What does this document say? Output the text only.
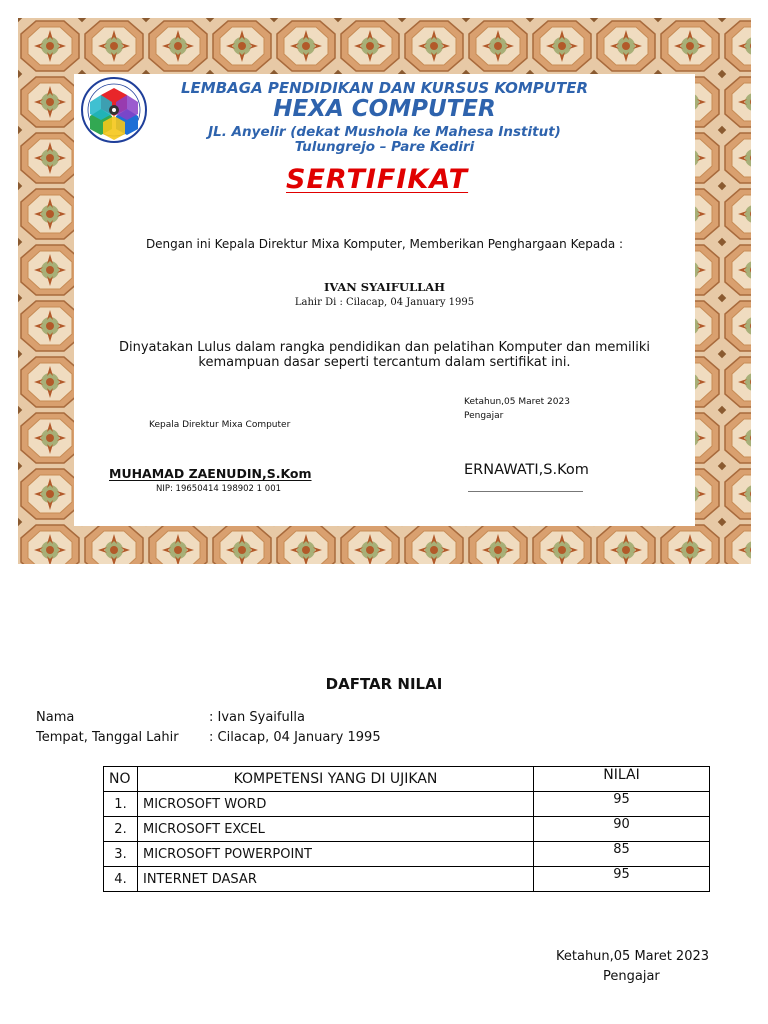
LEMBAGA PENDIDIKAN DAN KURSUS KOMPUTER
HEXA COMPUTER
JL. Anyelir (dekat Mushola ke Mahesa Institut)
Tulungrejo – Pare Kediri
SERTIFIKAT
Dengan ini Kepala Direktur Mixa Komputer, Memberikan Penghargaan Kepada :
IVAN SYAIFULLAH
Lahir Di : Cilacap, 04 January 1995
Dinyatakan Lulus dalam rangka pendidikan dan pelatihan Komputer dan memiliki
kemampuan dasar seperti tercantum dalam sertifikat ini.
Ketahun,05 Maret 2023
Pengajar
Kepala Direktur Mixa Computer
MUHAMAD ZAENUDIN,S.Kom
NIP: 19650414 198902 1 001
ERNAWATI,S.Kom
DAFTAR NILAI
Nama	: Ivan Syaifulla
Tempat, Tanggal Lahir : Cilacap, 04 January 1995
NO	KOMPETENSI YANG DI UJIKAN	NILAI
1.	MICROSOFT WORD	95
2.	MICROSOFT EXCEL	90
3.	MICROSOFT POWERPOINT	85
4.	INTERNET DASAR	95
Ketahun,05 Maret 2023
Pengajar
